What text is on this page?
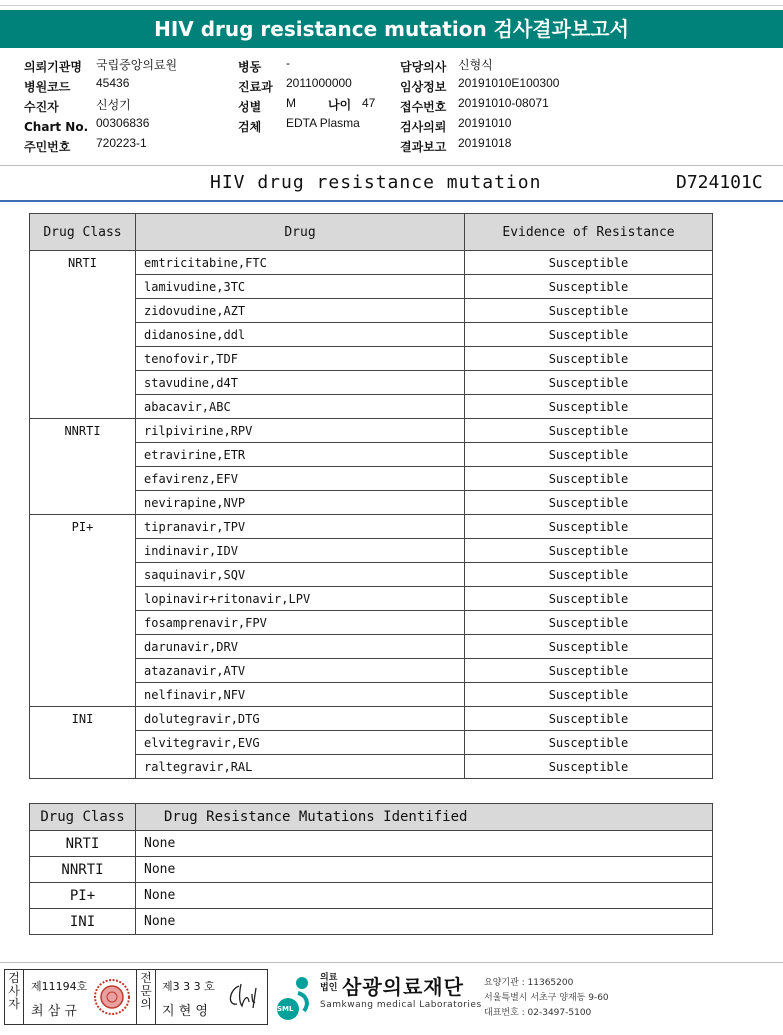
HIV drug resistance mutation 검사결과보고서
의뢰기관명 국립중앙의료원
병원코드 45436
수진자	신성기
Chart No. 00306836
주민번호 720223-1
병동 -
진료과 2011000000
성별 M	나이 47
검체 EDTA Plasma
담당의사 신형식
임상정보 20191010E100300
접수번호 20191010-08071
검사의뢰 20191010
결과보고 20191018
HIV drug resistance mutation	D724101C
Drug Class	Drug	Evidence of Resistance
NRTI	emtricitabine,FTC	Susceptible
	lamivudine,3TC	Susceptible
	zidovudine,AZT	Susceptible
	didanosine,ddl	Susceptible
	tenofovir,TDF	Susceptible
	stavudine,d4T	Susceptible
	abacavir,ABC	Susceptible
NNRTI	rilpivirine,RPV	Susceptible
	etravirine,ETR	Susceptible
	efavirenz,EFV	Susceptible
	nevirapine,NVP	Susceptible
PI+	tipranavir,TPV	Susceptible
	indinavir,IDV	Susceptible
	saquinavir,SQV	Susceptible
	lopinavir+ritonavir,LPV	Susceptible
	fosamprenavir,FPV	Susceptible
	darunavir,DRV	Susceptible
	atazanavir,ATV	Susceptible
	nelfinavir,NFV	Susceptible
INI	dolutegravir,DTG	Susceptible
	elvitegravir,EVG	Susceptible
	raltegravir,RAL	Susceptible
Drug Class	Drug Resistance Mutations Identified
NRTI	None
NNRTI	None
PI+	None
INI	None
검사자
제11194호
최 삼 규
전문의
제3 3 3 호
지 현 영	SML
의료
법인 삼광의료재단
Samkwang medical Laboratories
요양기관 : 11365200
서울특별시 서초구 양재동 9-60
대표번호 : 02-3497-5100
